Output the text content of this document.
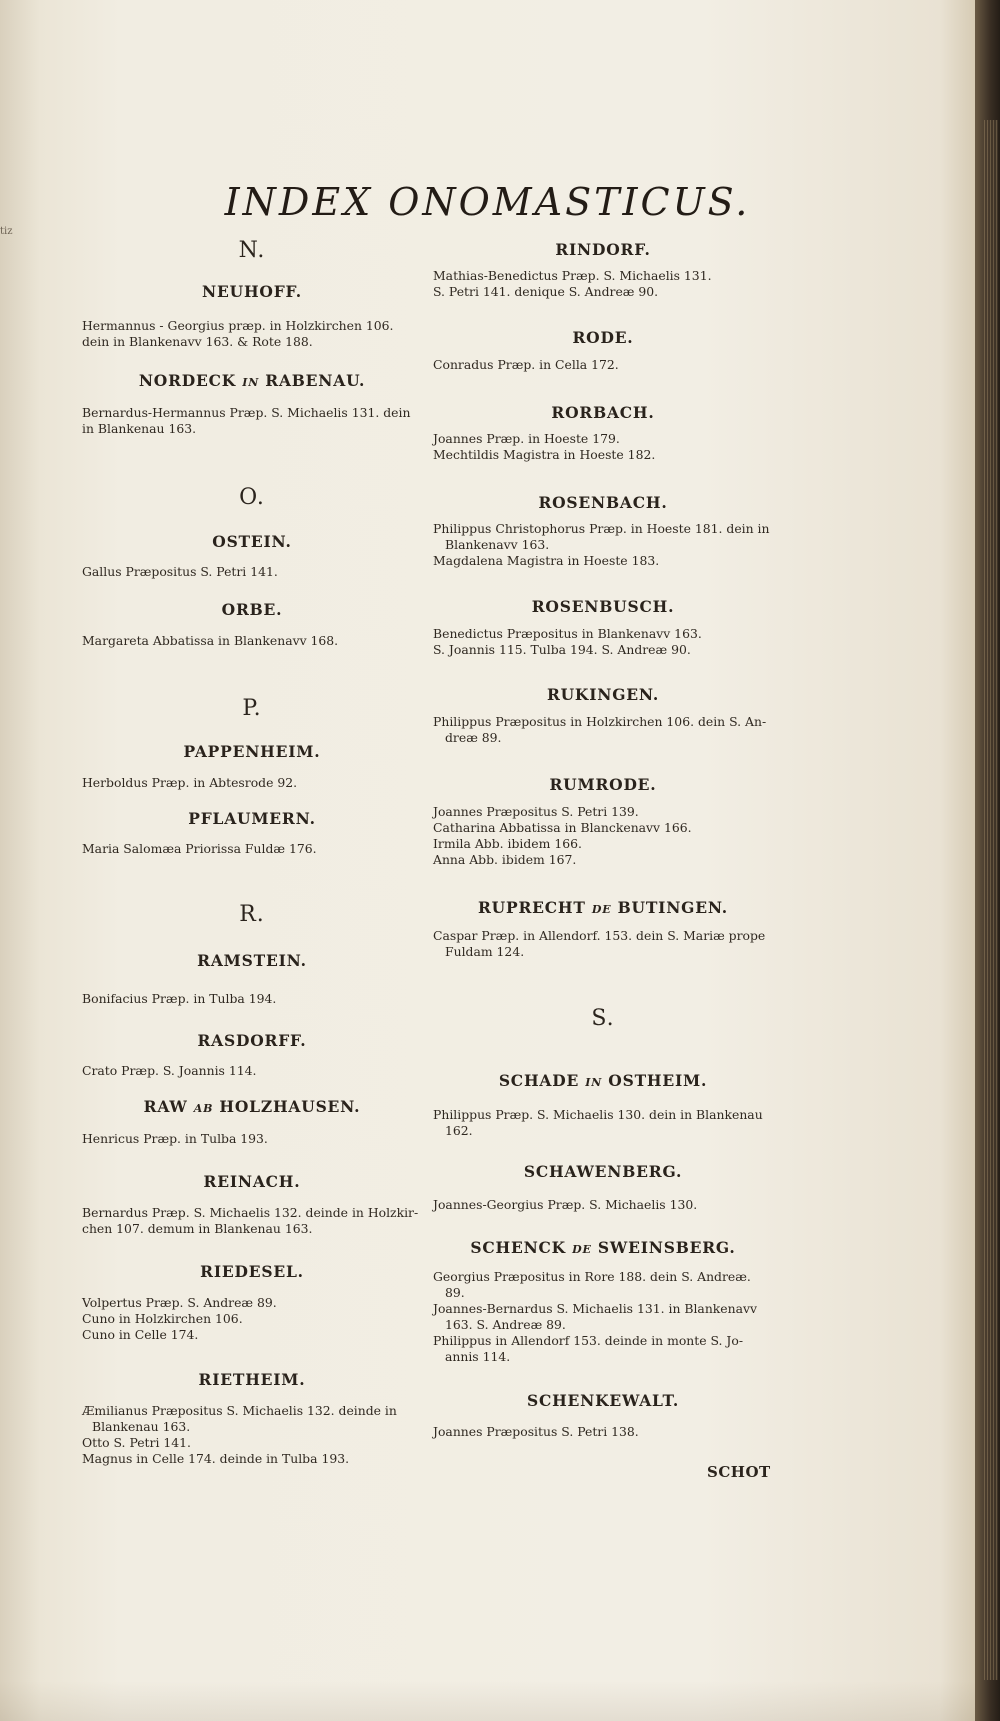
tiz
INDEX ONOMASTICUS.
N.
NEUHOFF.
Hermannus - Georgius præp. in Holzkirchen 106.
dein in Blankenavv 163. & Rote 188.
NORDECK in RABENAU.
Bernardus-Hermannus Præp. S. Michaelis 131. dein
in Blankenau 163.
O.
OSTEIN.
Gallus Præpositus S. Petri 141.
ORBE.
Margareta Abbatissa in Blankenavv 168.
P.
PAPPENHEIM.
Herboldus Præp. in Abtesrode 92.
PFLAUMERN.
Maria Salomæa Priorissa Fuldæ 176.
R.
RAMSTEIN.
Bonifacius Præp. in Tulba 194.
RASDORFF.
Crato Præp. S. Joannis 114.
RAW ab HOLZHAUSEN.
Henricus Præp. in Tulba 193.
REINACH.
Bernardus Præp. S. Michaelis 132. deinde in Holzkir-
chen 107. demum in Blankenau 163.
RIEDESEL.
Volpertus Præp. S. Andreæ 89.
Cuno in Holzkirchen 106.
Cuno in Celle 174.
RIETHEIM.
Æmilianus Præpositus S. Michaelis 132. deinde in
Blankenau 163.
Otto S. Petri 141.
Magnus in Celle 174. deinde in Tulba 193.
RINDORF.
Mathias-Benedictus Præp. S. Michaelis 131.
S. Petri 141. denique S. Andreæ 90.
RODE.
Conradus Præp. in Cella 172.
RORBACH.
Joannes Præp. in Hoeste 179.
Mechtildis Magistra in Hoeste 182.
ROSENBACH.
Philippus Christophorus Præp. in Hoeste 181. dein in
Blankenavv 163.
Magdalena Magistra in Hoeste 183.
ROSENBUSCH.
Benedictus Præpositus in Blankenavv 163.
S. Joannis 115. Tulba 194. S. Andreæ 90.
RUKINGEN.
Philippus Præpositus in Holzkirchen 106. dein S. An-
dreæ 89.
RUMRODE.
Joannes Præpositus S. Petri 139.
Catharina Abbatissa in Blanckenavv 166.
Irmila Abb. ibidem 166.
Anna Abb. ibidem 167.
RUPRECHT de BUTINGEN.
Caspar Præp. in Allendorf. 153. dein S. Mariæ prope
Fuldam 124.
S.
SCHADE in OSTHEIM.
Philippus Præp. S. Michaelis 130. dein in Blankenau
162.
SCHAWENBERG.
Joannes-Georgius Præp. S. Michaelis 130.
SCHENCK de SWEINSBERG.
Georgius Præpositus in Rore 188. dein S. Andreæ.
89.
Joannes-Bernardus S. Michaelis 131. in Blankenavv
163. S. Andreæ 89.
Philippus in Allendorf 153. deinde in monte S. Jo-
annis 114.
SCHENKEWALT.
Joannes Præpositus S. Petri 138.
SCHOT
